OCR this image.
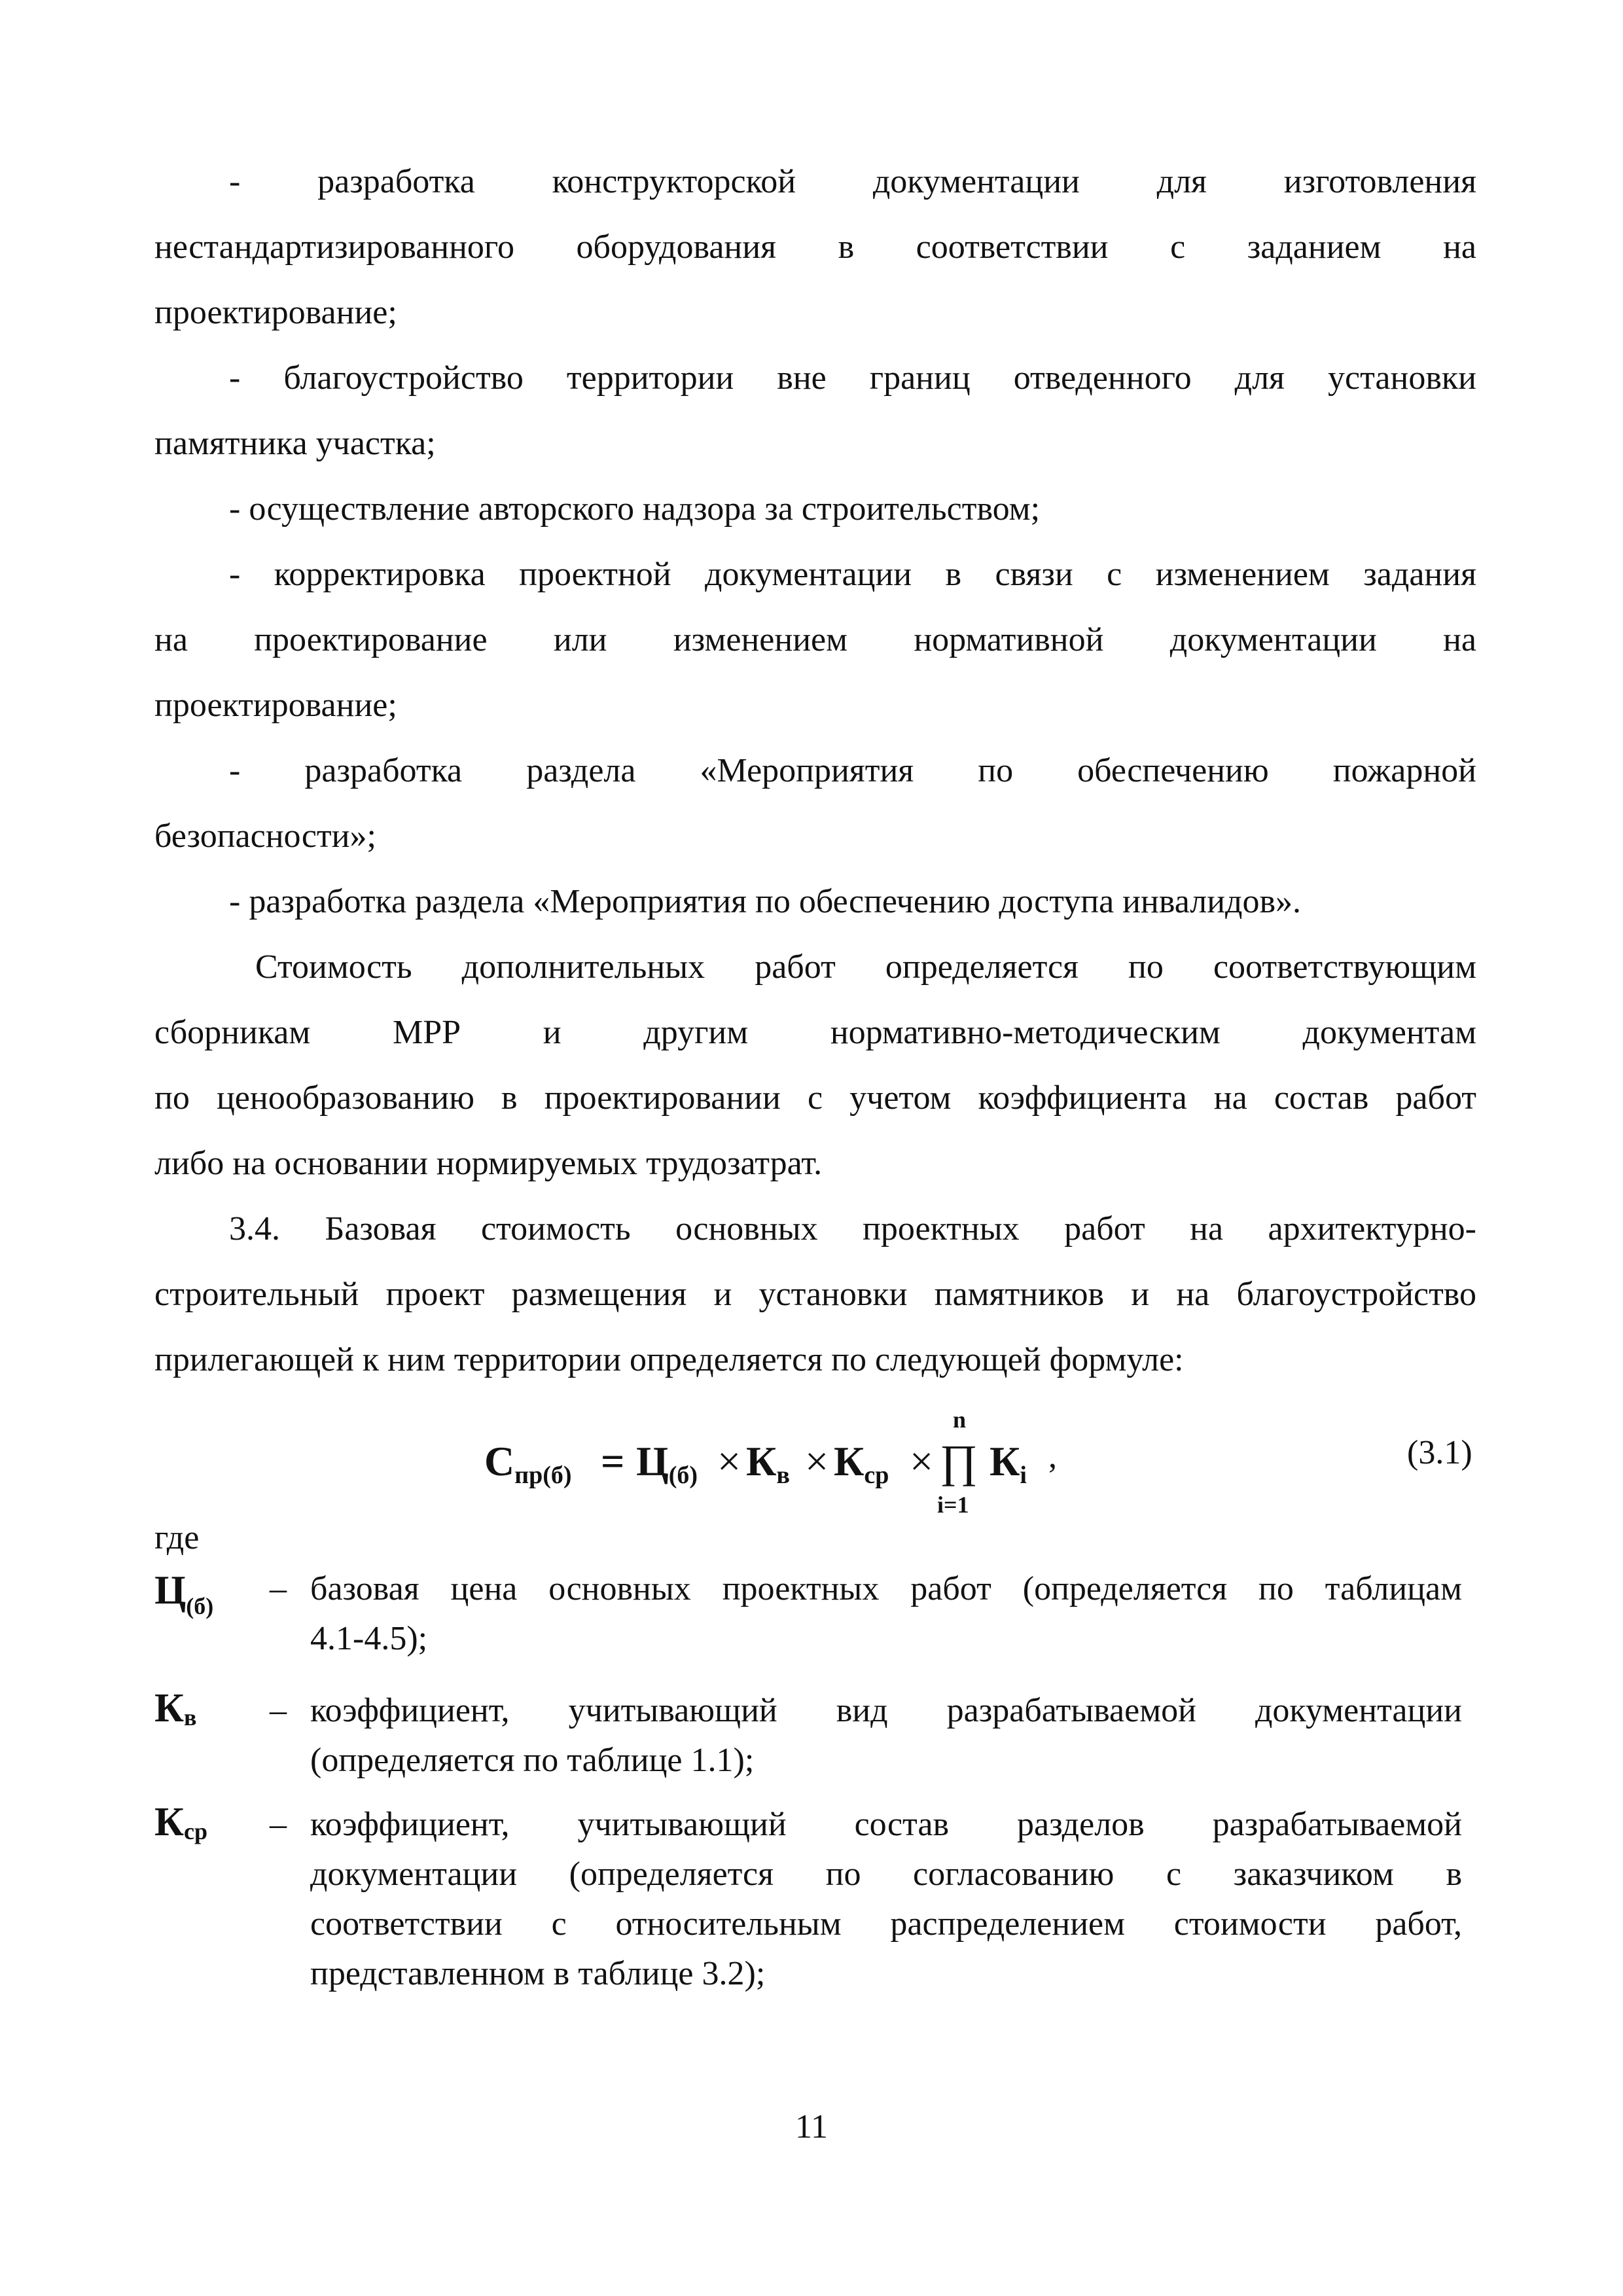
- разработка конструкторской документации для изготовления
нестандартизированного оборудования в соответствии с заданием на
проектирование;
- благоустройство территории вне границ отведенного для установки
памятника участка;
- осуществление авторского надзора за строительством;
- корректировка проектной документации в связи с изменением задания
на проектирование или изменением нормативной документации на
проектирование;
- разработка раздела «Мероприятия по обеспечению пожарной
безопасности»;
- разработка раздела «Мероприятия по обеспечению доступа инвалидов».
Стоимость дополнительных работ определяется по соответствующим
сборникам МРР и другим нормативно-методическим документам
по ценообразованию в проектировании с учетом коэффициента на состав работ
либо на основании нормируемых трудозатрат.
3.4. Базовая стоимость основных проектных работ на архитектурно-
строительный проект размещения и установки памятников и на благоустройство
прилегающей к ним территории определяется по следующей формуле:
Спр(б) = Ц(б) × Кв × Кср ×
n
∏
i=1
Кi ,	(3.1)
где
$Ц_{(б)}$ – базовая цена основных проектных работ (определяется по таблицам
4.1-4.5);
Кв – коэффициент, учитывающий вид разрабатываемой документации
(определяется по таблице 1.1);
Кср – коэффициент, учитывающий состав разделов разрабатываемой
документации (определяется по согласованию с заказчиком в
соответствии с относительным распределением стоимости работ,
представленном в таблице 3.2);
11
